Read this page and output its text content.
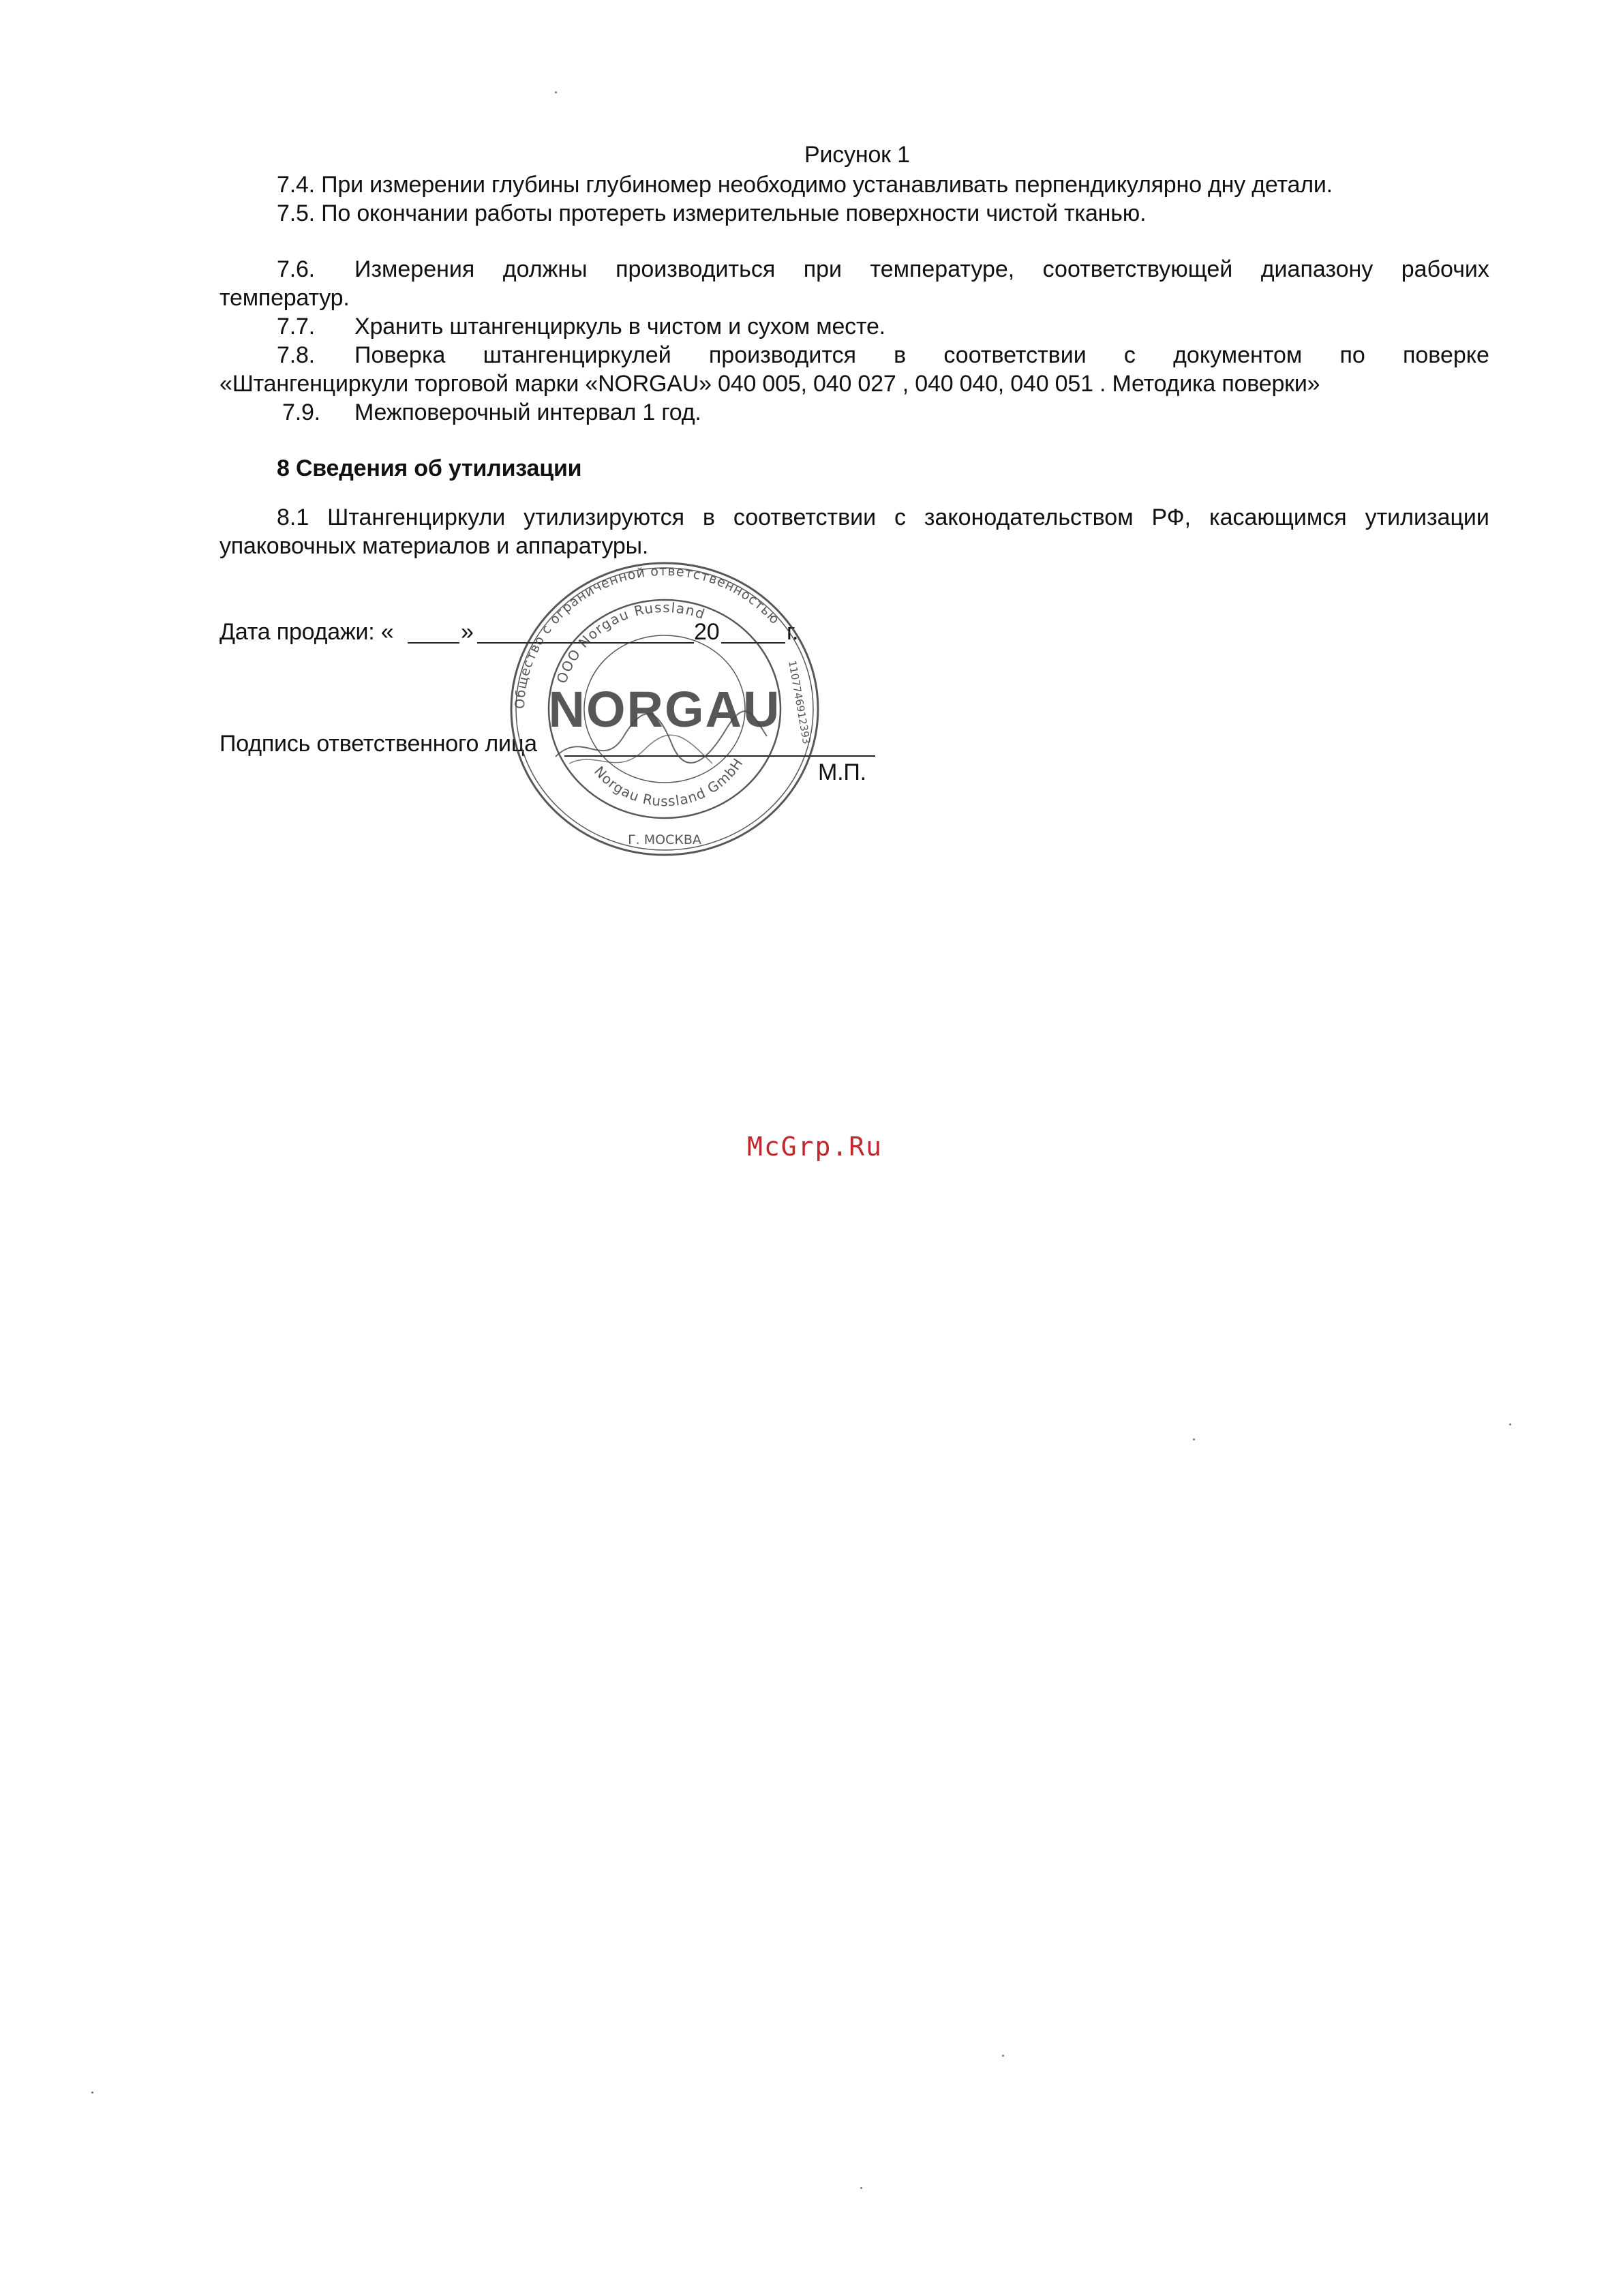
Рисунок 1
7.4. При измерении глубины глубиномер необходимо устанавливать перпендикулярно дну детали.
7.5. По окончании работы протереть измерительные поверхности чистой тканью.
7.6. Измерения должны производиться при температуре, соответствующей диапазону рабочих
температур.
7.7. Хранить штангенциркуль в чистом и сухом месте.
7.8. Поверка штангенциркулей производится в соответствии с документом по поверке
«Штангенциркули торговой марки «NORGAU» 040 005, 040 027 , 040 040, 040 051 . Методика поверки»
7.9. Межповерочный интервал 1 год.
8 Сведения об утилизации
8.1 Штангенциркули утилизируются в соответствии с законодательством РФ, касающимся утилизации
упаковочных материалов и аппаратуры.
Дата продажи: «	»	20	г.
Подпись ответственного лица
М.П.
Общество с ограниченной ответственностью
ООО Norgau Russland
Norgau Russland GmbH
Г. МОСКВА
1107746912393
NORGAU
McGrp.Ru
